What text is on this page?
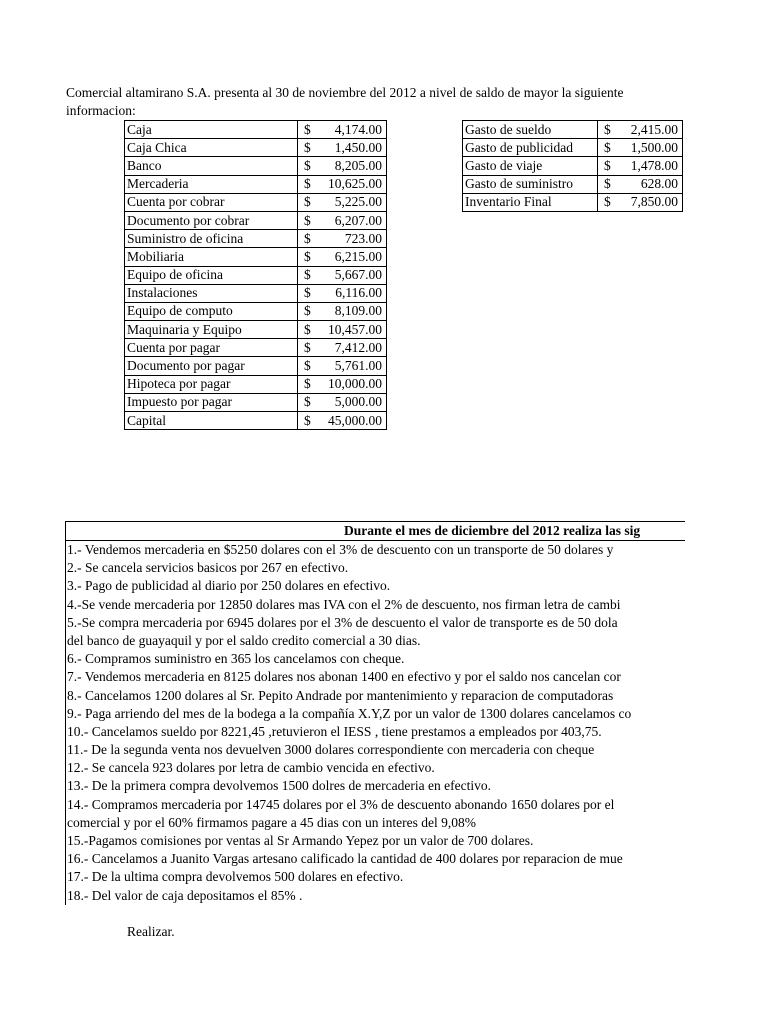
Comercial altamirano S.A. presenta al 30 de noviembre del 2012 a nivel de saldo de mayor la siguiente
informacion:
Caja	$ 4,174.00

Caja Chica	$ 1,450.00

Banco	$ 8,205.00

Mercaderia	$ 10,625.00

Cuenta por cobrar	$ 5,225.00

Documento por cobrar	$ 6,207.00

Suministro de oficina	$ 723.00

Mobiliaria	$ 6,215.00

Equipo de oficina	$ 5,667.00

Instalaciones	$ 6,116.00

Equipo de computo	$ 8,109.00

Maquinaria y Equipo	$ 10,457.00

Cuenta por pagar	$ 7,412.00

Documento por pagar	$ 5,761.00

Hipoteca por pagar	$ 10,000.00

Impuesto por pagar	$ 5,000.00

Capital	$ 45,000.00
Gasto de sueldo	$ 2,415.00

Gasto de publicidad	$ 1,500.00

Gasto de viaje	$ 1,478.00

Gasto de suministro	$ 628.00

Inventario Final	$ 7,850.00
Durante el mes de diciembre del 2012 realiza las sig
1.- Vendemos mercaderia en $5250 dolares con el 3% de descuento con un transporte de 50 dolares y
2.- Se cancela servicios basicos por 267 en efectivo.
3.- Pago de publicidad al diario por 250 dolares en efectivo.
4.-Se vende mercaderia por 12850 dolares mas IVA con el 2% de descuento, nos firman letra de cambi
5.-Se compra mercaderia por 6945 dolares por el 3% de descuento el valor de transporte es de 50 dola
del banco de guayaquil y por el saldo credito comercial a 30 dias.
6.- Compramos suministro en 365 los cancelamos con cheque.
7.- Vendemos mercaderia en 8125 dolares nos abonan 1400 en efectivo y por el saldo nos cancelan cor
8.- Cancelamos 1200 dolares al Sr. Pepito Andrade por mantenimiento y reparacion de computadoras
9.- Paga arriendo del mes de la bodega a la compañía X.Y,Z por un valor de 1300 dolares cancelamos co
10.- Cancelamos sueldo por 8221,45 ,retuvieron el IESS , tiene prestamos a empleados por 403,75.
11.- De la segunda venta nos devuelven 3000 dolares correspondiente con mercaderia con cheque
12.- Se cancela 923 dolares por letra de cambio vencida en efectivo.
13.- De la primera compra devolvemos 1500 dolres de mercaderia en efectivo.
14.- Compramos mercaderia por 14745 dolares por el 3% de descuento abonando 1650 dolares por el
comercial y por el 60% firmamos pagare a 45 dias con un interes del 9,08%
15.-Pagamos comisiones por ventas al Sr Armando Yepez por un valor de 700 dolares.
16.- Cancelamos a Juanito Vargas artesano calificado la cantidad de 400 dolares por reparacion de mue
17.- De la ultima compra devolvemos 500 dolares en efectivo.
18.- Del valor de caja depositamos el 85% .
Realizar.
